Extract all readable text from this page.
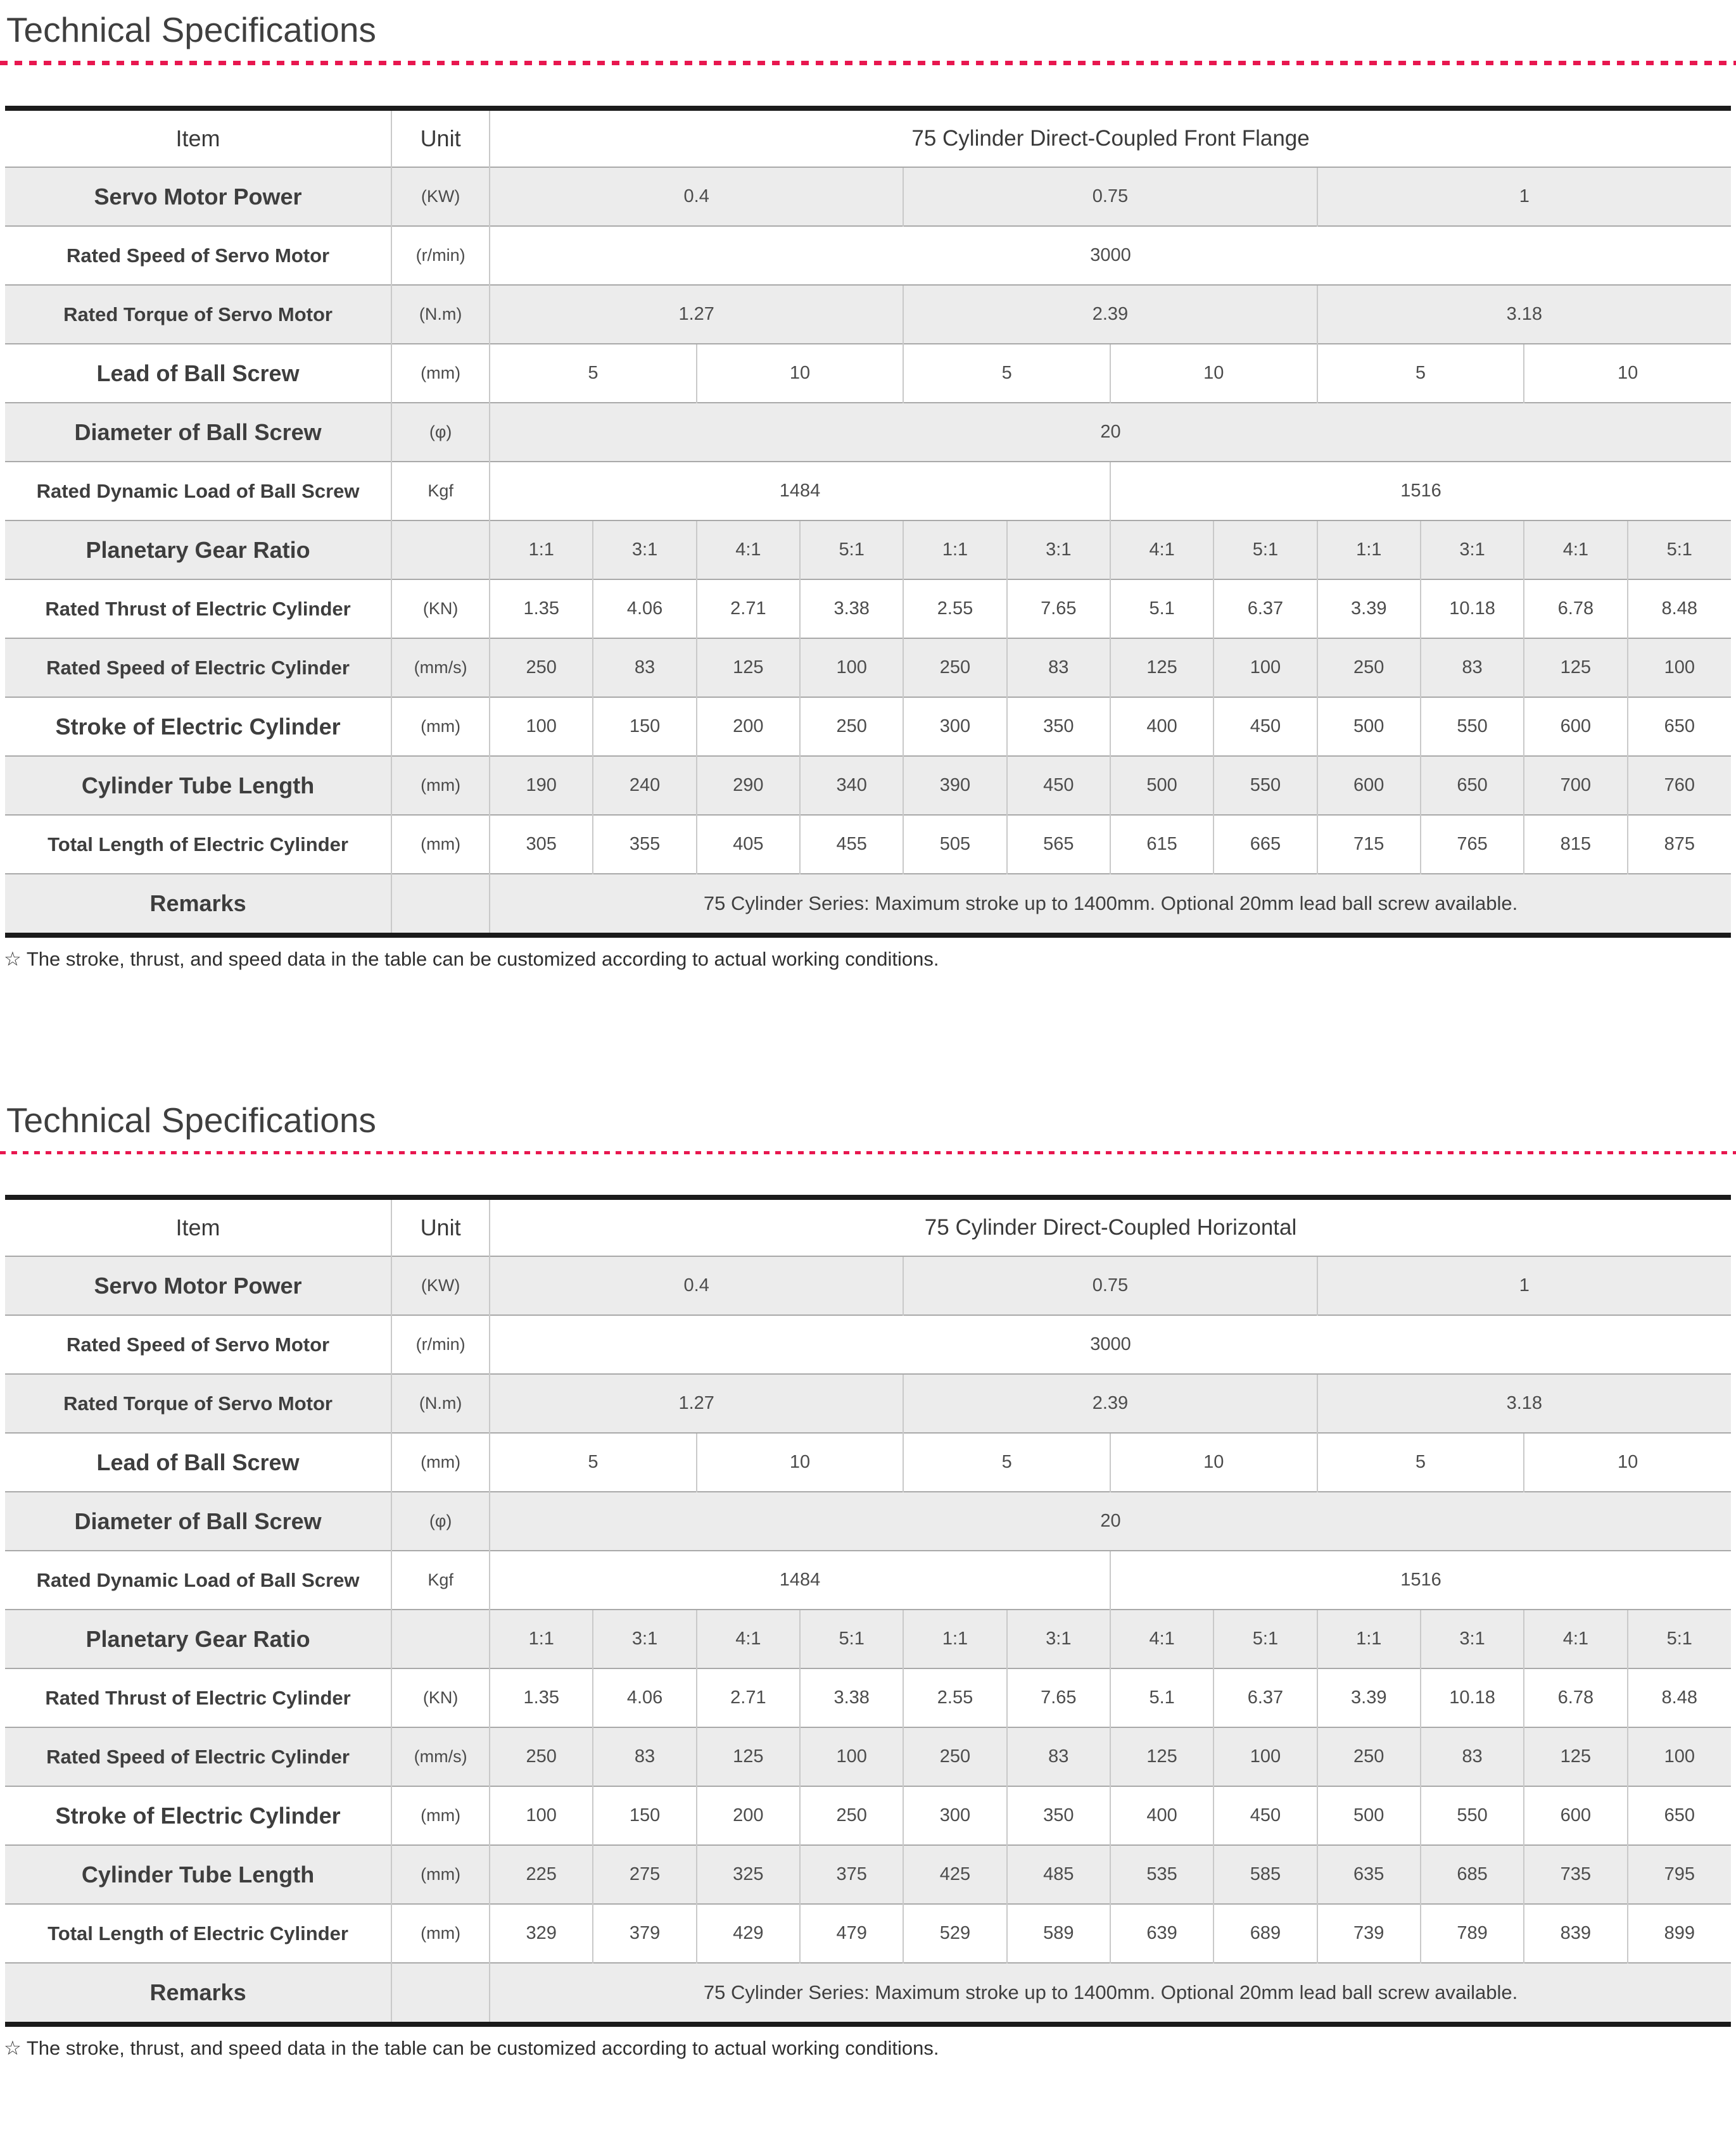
Technical Specifications
Item	Unit	75 Cylinder Direct-Coupled Front Flange											
Servo Motor Power	(KW)	0.4				0.75				1			
Rated Speed of Servo Motor	(r/min)	3000											
Rated Torque of Servo Motor	(N.m)	1.27				2.39				3.18			
Lead of Ball Screw	(mm)	5		10		5		10		5		10	
Diameter of Ball Screw	(φ)	20											
Rated Dynamic Load of Ball Screw	Kgf	1484						1516					
Planetary Gear Ratio		1:1	3:1	4:1	5:1	1:1	3:1	4:1	5:1	1:1	3:1	4:1	5:1
Rated Thrust of Electric Cylinder	(KN)	1.35	4.06	2.71	3.38	2.55	7.65	5.1	6.37	3.39	10.18	6.78	8.48
Rated Speed of Electric Cylinder	(mm/s)	250	83	125	100	250	83	125	100	250	83	125	100
Stroke of Electric Cylinder	(mm)	100	150	200	250	300	350	400	450	500	550	600	650
Cylinder Tube Length	(mm)	190	240	290	340	390	450	500	550	600	650	700	760
Total Length of Electric Cylinder	(mm)	305	355	405	455	505	565	615	665	715	765	815	875
Remarks		75 Cylinder Series: Maximum stroke up to 1400mm. Optional 20mm lead ball screw available.											

☆ The stroke, thrust, and speed data in the table can be customized according to actual working conditions.

Technical Specifications
Item	Unit	75 Cylinder Direct-Coupled Horizontal											
Servo Motor Power	(KW)	0.4				0.75				1			
Rated Speed of Servo Motor	(r/min)	3000											
Rated Torque of Servo Motor	(N.m)	1.27				2.39				3.18			
Lead of Ball Screw	(mm)	5		10		5		10		5		10	
Diameter of Ball Screw	(φ)	20											
Rated Dynamic Load of Ball Screw	Kgf	1484						1516					
Planetary Gear Ratio		1:1	3:1	4:1	5:1	1:1	3:1	4:1	5:1	1:1	3:1	4:1	5:1
Rated Thrust of Electric Cylinder	(KN)	1.35	4.06	2.71	3.38	2.55	7.65	5.1	6.37	3.39	10.18	6.78	8.48
Rated Speed of Electric Cylinder	(mm/s)	250	83	125	100	250	83	125	100	250	83	125	100
Stroke of Electric Cylinder	(mm)	100	150	200	250	300	350	400	450	500	550	600	650
Cylinder Tube Length	(mm)	225	275	325	375	425	485	535	585	635	685	735	795
Total Length of Electric Cylinder	(mm)	329	379	429	479	529	589	639	689	739	789	839	899
Remarks		75 Cylinder Series: Maximum stroke up to 1400mm. Optional 20mm lead ball screw available.											

☆ The stroke, thrust, and speed data in the table can be customized according to actual working conditions.
